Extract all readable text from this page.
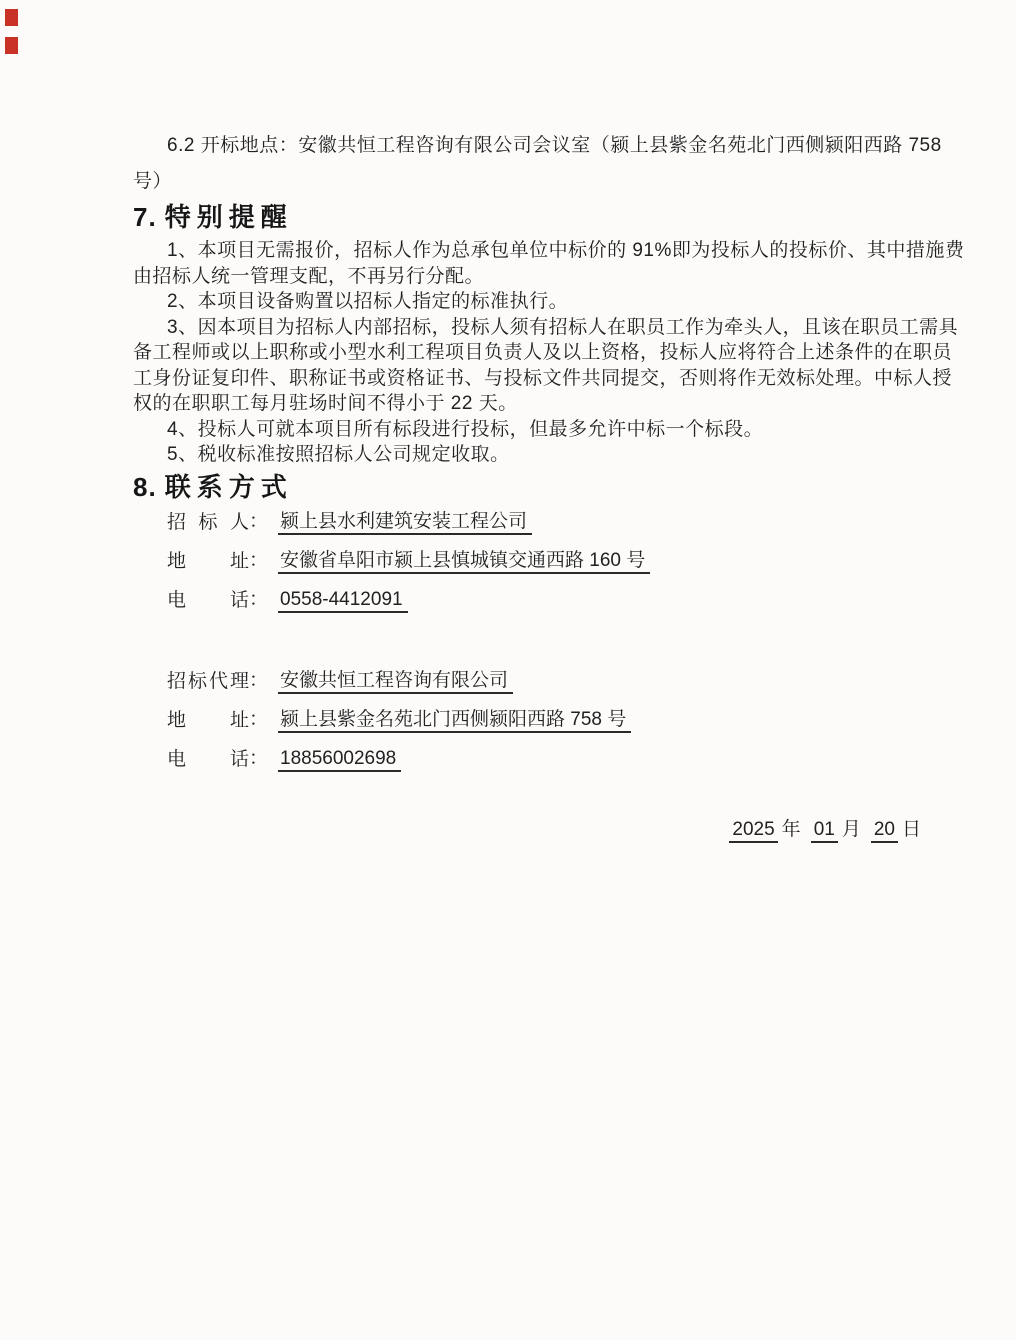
6.2 开标地点：安徽共恒工程咨询有限公司会议室（颍上县紫金名苑北门西侧颍阳西路 758
号）
7. 特别提醒
1、本项目无需报价，招标人作为总承包单位中标价的 91%即为投标人的投标价、其中措施费
由招标人统一管理支配，不再另行分配。
2、本项目设备购置以招标人指定的标准执行。
3、因本项目为招标人内部招标，投标人须有招标人在职员工作为牵头人，且该在职员工需具
备工程师或以上职称或小型水利工程项目负责人及以上资格，投标人应将符合上述条件的在职员
工身份证复印件、职称证书或资格证书、与投标文件共同提交，否则将作无效标处理。中标人授
权的在职职工每月驻场时间不得小于 22 天。
4、投标人可就本项目所有标段进行投标，但最多允许中标一个标段。
5、税收标准按照招标人公司规定收取。
8. 联系方式
招 标 人： 颍上县水利建筑安装工程公司
地 址： 安徽省阜阳市颍上县慎城镇交通西路 160 号
电 话： 0558-4412091
招标代理： 安徽共恒工程咨询有限公司
地 址： 颍上县紫金名苑北门西侧颍阳西路 758 号
电 话： 18856002698
2025 年 01 月 20 日
